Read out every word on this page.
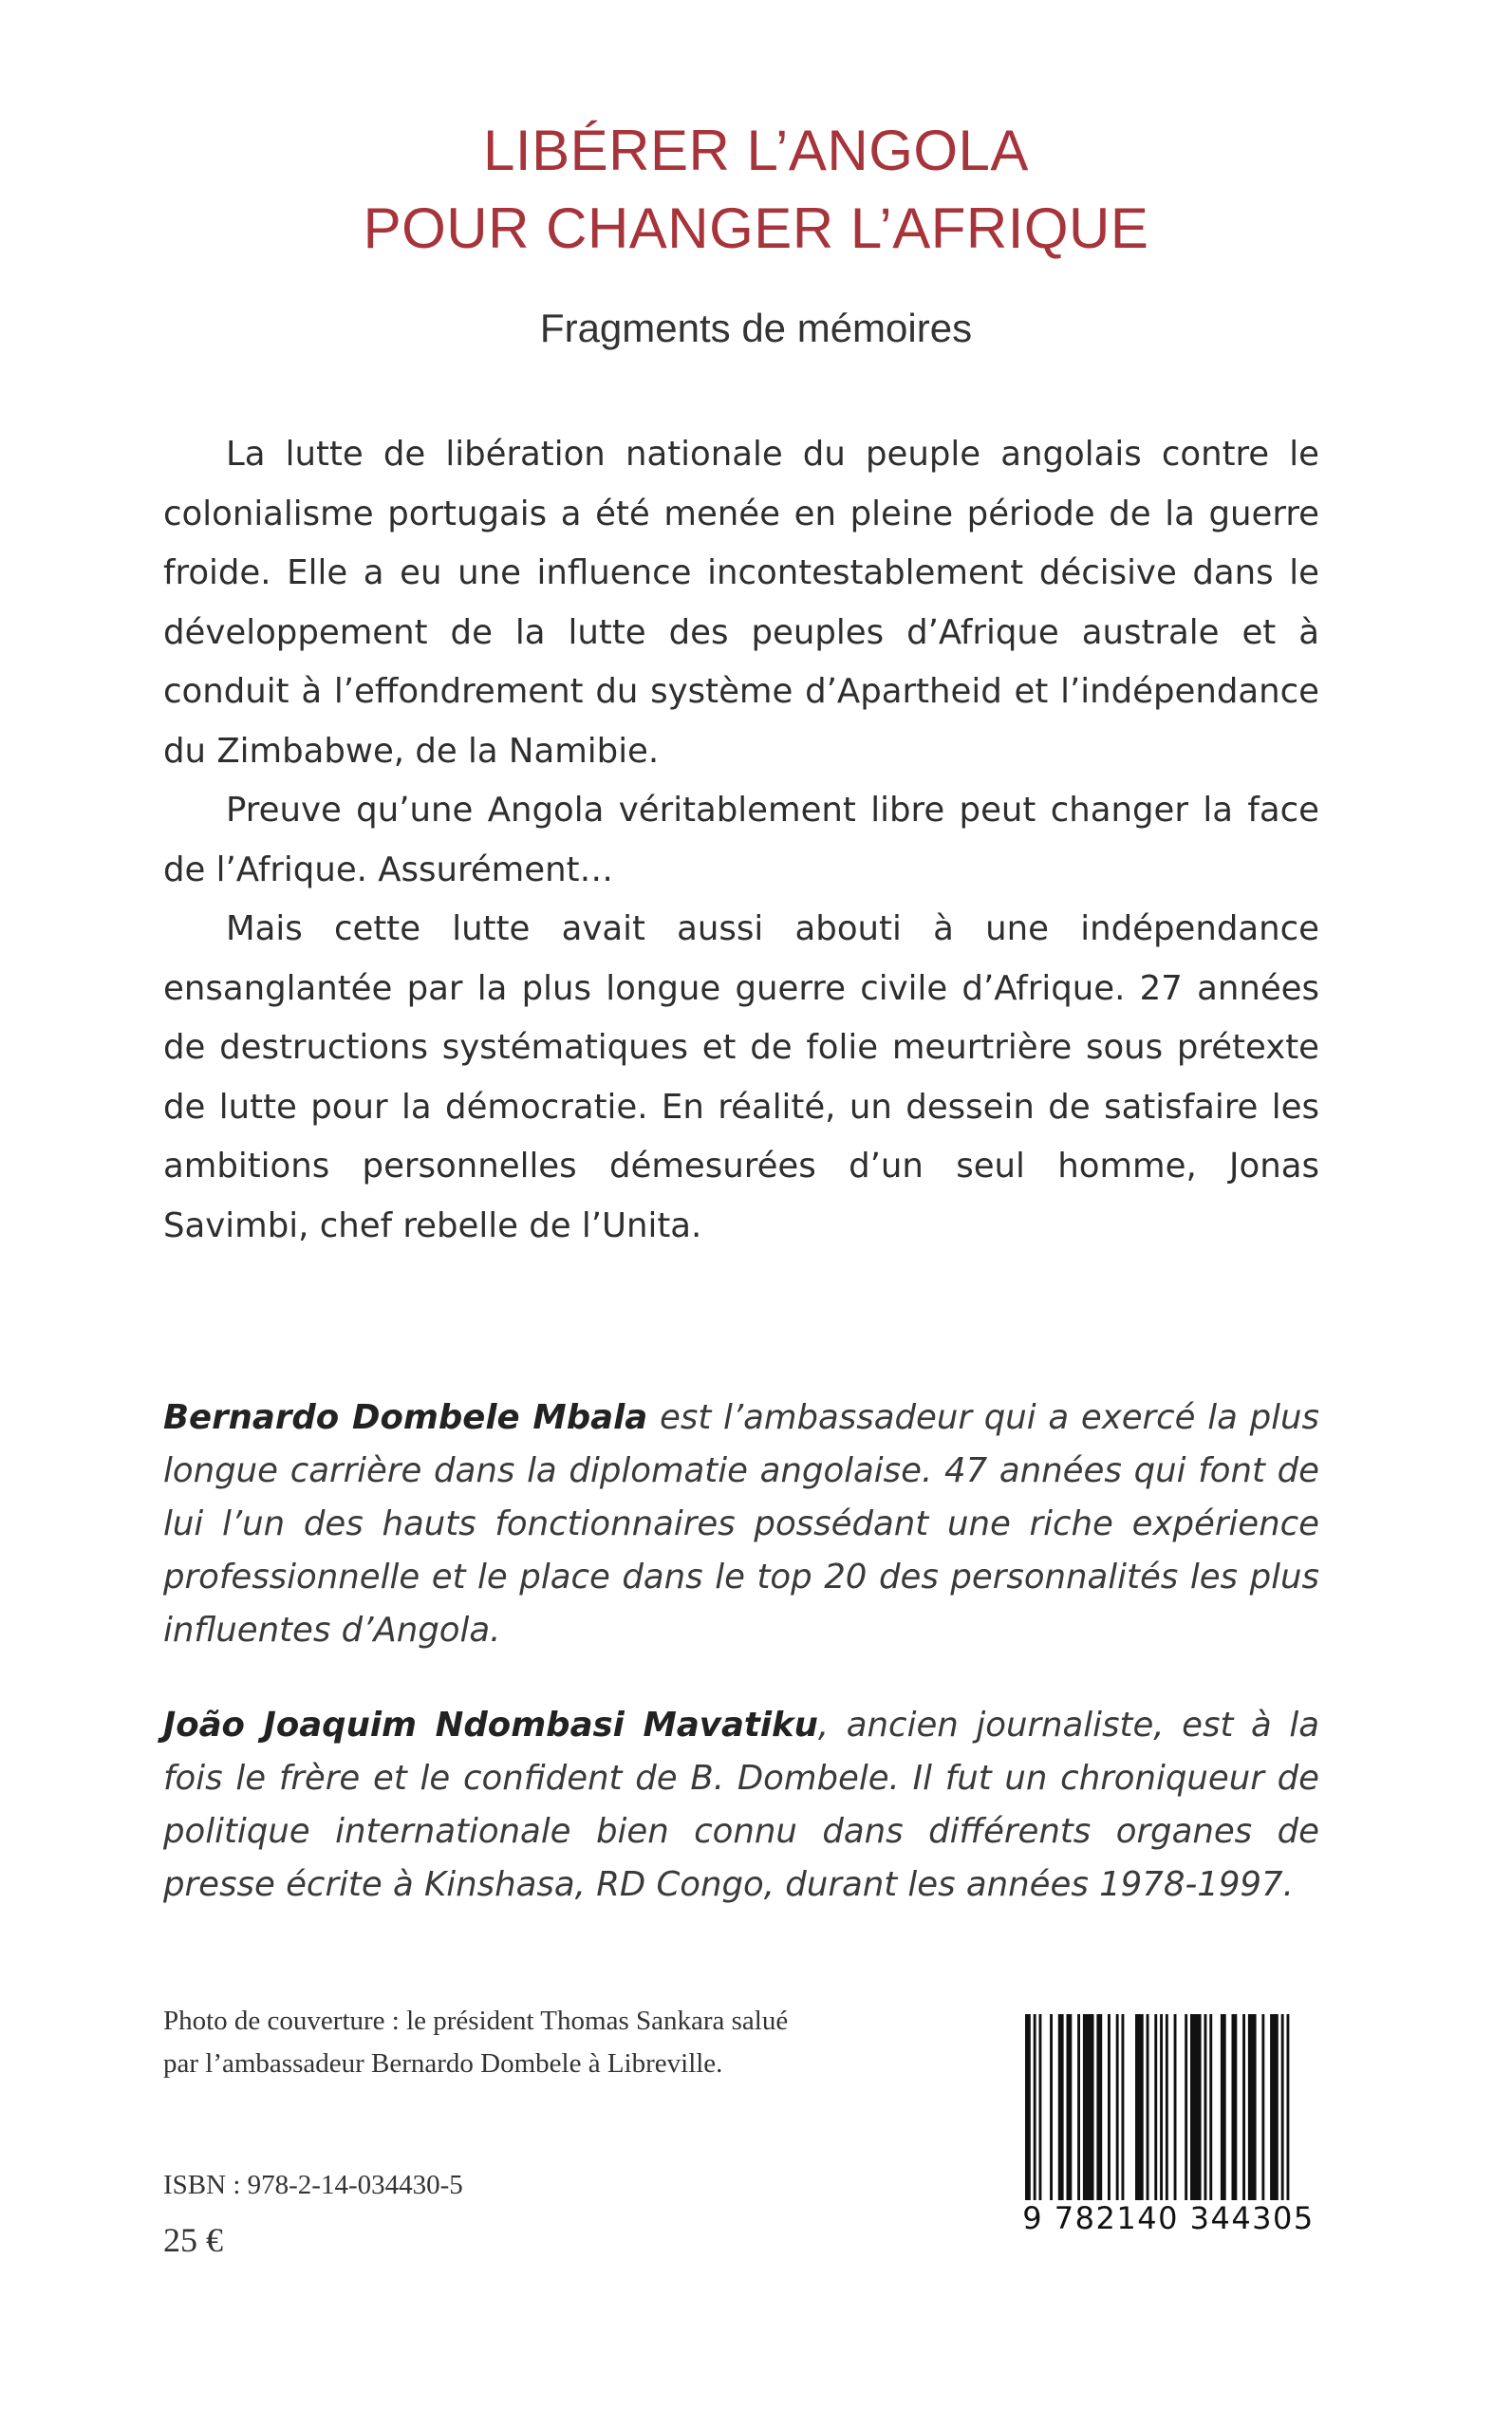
LIBÉRER L’ANGOLA
POUR CHANGER L’AFRIQUE
Fragments de mémoires

La lutte de libération nationale du peuple angolais contre le colonialisme portugais a été menée en pleine période de la guerre froide. Elle a eu une influence incontestablement décisive dans le développement de la lutte des peuples d’Afrique australe et à conduit à l’effondrement du système d’Apartheid et l’indépendance du Zimbabwe, de la Namibie.

Preuve qu’une Angola véritablement libre peut changer la face de l’Afrique. Assurément…

Mais cette lutte avait aussi abouti à une indépendance ensanglantée par la plus longue guerre civile d’Afrique. 27 années de destructions systématiques et de folie meurtrière sous prétexte de lutte pour la démocratie. En réalité, un dessein de satisfaire les ambitions personnelles démesurées d’un seul homme, Jonas Savimbi, chef rebelle de l’Unita.

Bernardo Dombele Mbala est l’ambassadeur qui a exercé la plus longue carrière dans la diplomatie angolaise. 47 années qui font de lui l’un des hauts fonctionnaires possédant une riche expérience professionnelle et le place dans le top 20 des personnalités les plus influentes d’Angola.

João Joaquim Ndombasi Mavatiku, ancien journaliste, est à la fois le frère et le confident de B. Dombele. Il fut un chroniqueur de politique internationale bien connu dans différents organes de presse écrite à Kinshasa, RD Congo, durant les années 1978-1997.

Photo de couverture : le président Thomas Sankara salué
par l’ambassadeur Bernardo Dombele à Libreville.
ISBN : 978-2-14-034430-5
25 €
9 782140 344305
